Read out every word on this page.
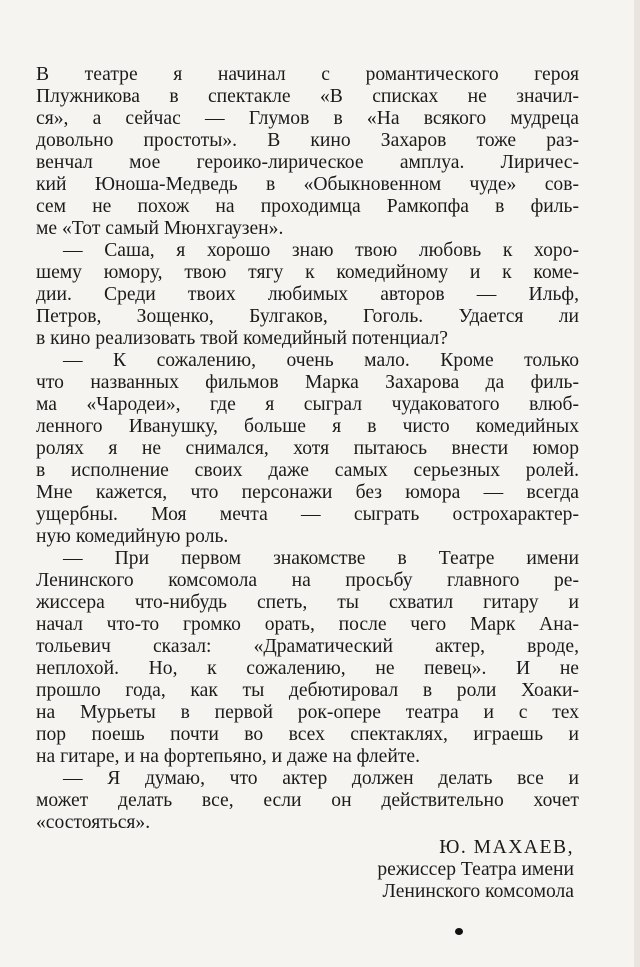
В театре я начинал с романтического героя
Плужникова в спектакле «В списках не значил-
ся», а сейчас — Глумов в «На всякого мудреца
довольно простоты». В кино Захаров тоже раз-
венчал мое героико-лирическое амплуа. Лиричес-
кий Юноша-Медведь в «Обыкновенном чуде» сов-
сем не похож на проходимца Рамкопфа в филь-
ме «Тот самый Мюнхгаузен».
— Саша, я хорошо знаю твою любовь к хоро-
шему юмору, твою тягу к комедийному и к коме-
дии. Среди твоих любимых авторов — Ильф,
Петров, Зощенко, Булгаков, Гоголь. Удается ли
в кино реализовать твой комедийный потенциал?
— К сожалению, очень мало. Кроме только
что названных фильмов Марка Захарова да филь-
ма «Чародеи», где я сыграл чудаковатого влюб-
ленного Иванушку, больше я в чисто комедийных
ролях я не снимался, хотя пытаюсь внести юмор
в исполнение своих даже самых серьезных ролей.
Мне кажется, что персонажи без юмора — всегда
ущербны. Моя мечта — сыграть острохарактер-
ную комедийную роль.
— При первом знакомстве в Театре имени
Ленинского комсомола на просьбу главного ре-
жиссера что-нибудь спеть, ты схватил гитару и
начал что-то громко орать, после чего Марк Ана-
тольевич сказал: «Драматический актер, вроде,
неплохой. Но, к сожалению, не певец». И не
прошло года, как ты дебютировал в роли Хоаки-
на Мурьеты в первой рок-опере театра и с тех
пор поешь почти во всех спектаклях, играешь и
на гитаре, и на фортепьяно, и даже на флейте.
— Я думаю, что актер должен делать все и
может делать все, если он действительно хочет
«состояться».
Ю. МАХАЕВ,
режиссер Театра имени
Ленинского комсомола
